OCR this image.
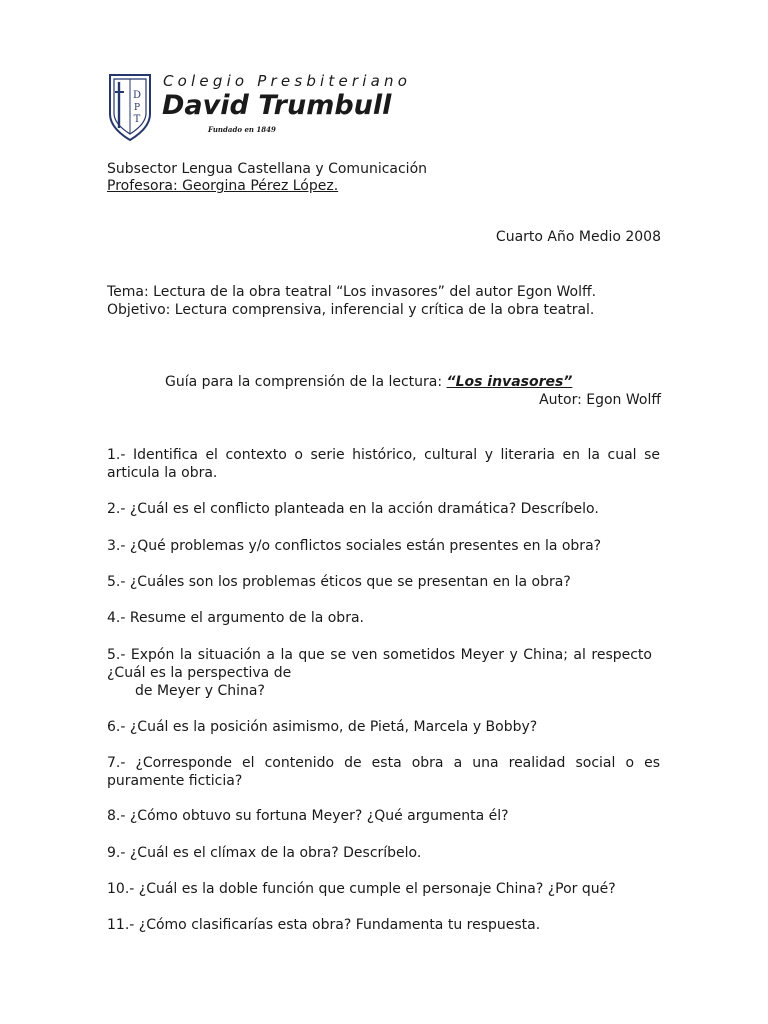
D
P
T
Colegio Presbiteriano
David Trumbull
Fundado en 1849
Subsector Lengua Castellana y Comunicación
Profesora: Georgina Pérez López.
Cuarto Año Medio 2008
Tema: Lectura de la obra teatral “Los invasores” del autor Egon Wolff.
Objetivo: Lectura comprensiva, inferencial y crítica de la obra teatral.
Guía para la comprensión de la lectura: “Los invasores”
Autor: Egon Wolff
1.- Identifica el contexto o serie histórico, cultural y literaria en la cual se articula la obra.
2.- ¿Cuál es el conflicto planteada en la acción dramática? Descríbelo.
3.- ¿Qué problemas y/o conflictos sociales están presentes en la obra?
5.- ¿Cuáles son los problemas éticos que se presentan en la obra?
4.- Resume el argumento de la obra.
5.- Expón la situación a la que se ven sometidos Meyer y China; al respecto ¿Cuál es la perspectiva de
de Meyer y China?
6.- ¿Cuál es la posición asimismo, de Pietá, Marcela y Bobby?
7.- ¿Corresponde el contenido de esta obra a una realidad social o es puramente ficticia?
8.- ¿Cómo obtuvo su fortuna Meyer? ¿Qué argumenta él?
9.- ¿Cuál es el clímax de la obra? Descríbelo.
10.- ¿Cuál es la doble función que cumple el personaje China? ¿Por qué?
11.- ¿Cómo clasificarías esta obra? Fundamenta tu respuesta.
